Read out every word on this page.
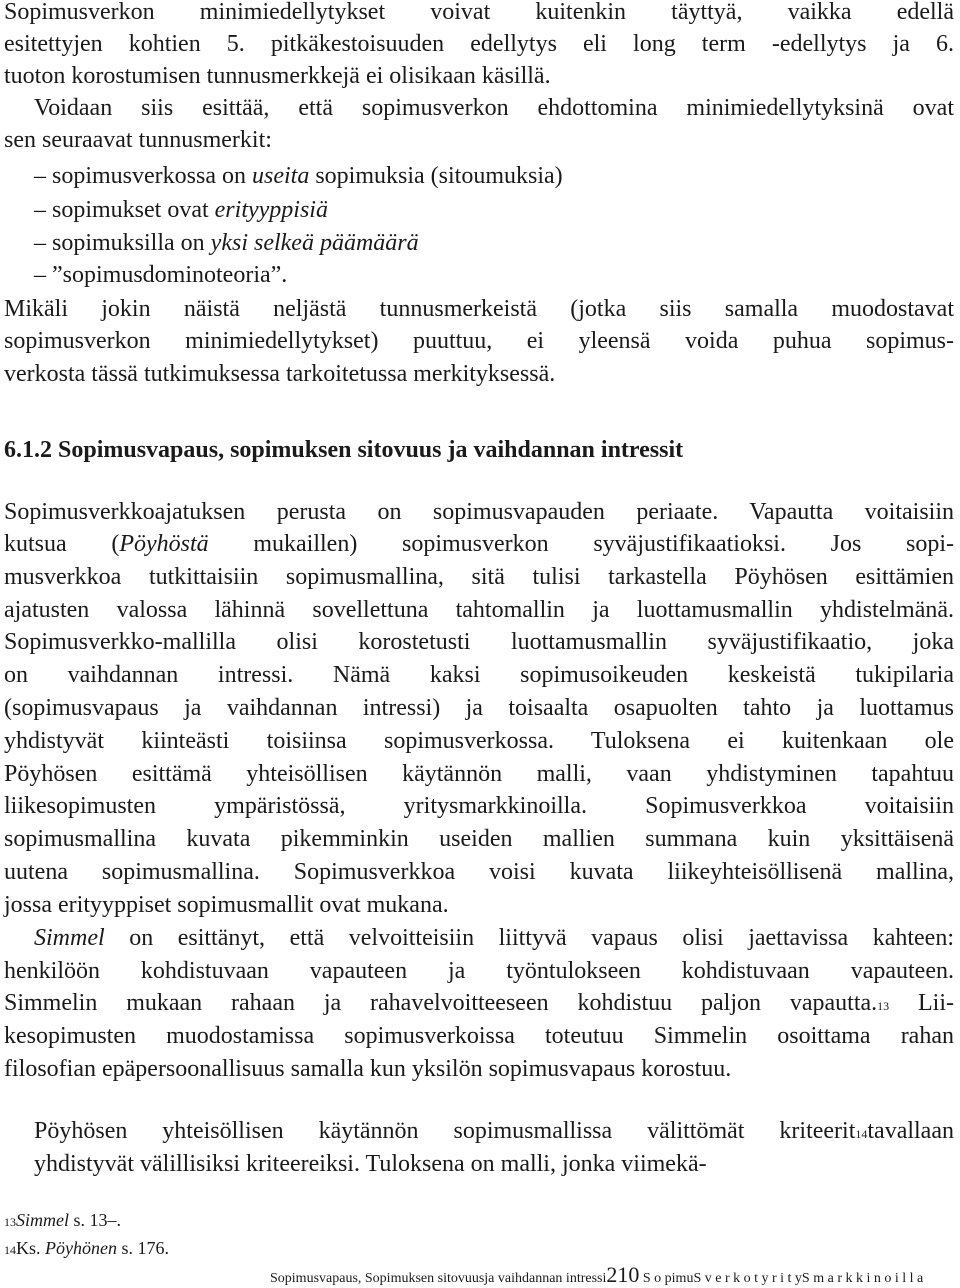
Sopimusverkon minimiedellytykset voivat kuitenkin täyttyä, vaikka edellä
esitettyjen kohtien 5. pitkäkestoisuuden edellytys eli long term -edellytys ja 6.
tuoton korostumisen tunnusmerkkejä ei olisikaan käsillä.
Voidaan siis esittää, että sopimusverkon ehdottomina minimiedellytyksinä ovat
sen seuraavat tunnusmerkit:
– sopimusverkossa on useita sopimuksia (sitoumuksia)
– sopimukset ovat erityyppisiä
– sopimuksilla on yksi selkeä päämäärä
– ”sopimusdominoteoria”.
Mikäli jokin näistä neljästä tunnusmerkeistä (jotka siis samalla muodostavat
sopimusverkon minimiedellytykset) puuttuu, ei yleensä voida puhua sopimus-
verkosta tässä tutkimuksessa tarkoitetussa merkityksessä.
6.1.2 Sopimusvapaus, sopimuksen sitovuus ja vaihdannan intressit
Sopimusverkkoajatuksen perusta on sopimusvapauden periaate. Vapautta voitaisiin
kutsua (Pöyhöstä mukaillen) sopimusverkon syväjustifikaatioksi. Jos sopi-
musverkkoa tutkittaisiin sopimusmallina, sitä tulisi tarkastella Pöyhösen esittämien
ajatusten valossa lähinnä sovellettuna tahtomallin ja luottamusmallin yhdistelmänä.
Sopimusverkko-mallilla olisi korostetusti luottamusmallin syväjustifikaatio, joka
on vaihdannan intressi. Nämä kaksi sopimusoikeuden keskeistä tukipilaria
(sopimusvapaus ja vaihdannan intressi) ja toisaalta osapuolten tahto ja luottamus
yhdistyvät kiinteästi toisiinsa sopimusverkossa. Tuloksena ei kuitenkaan ole
Pöyhösen esittämä yhteisöllisen käytännön malli, vaan yhdistyminen tapahtuu
liikesopimusten ympäristössä, yritysmarkkinoilla. Sopimusverkkoa voitaisiin
sopimusmallina kuvata pikemminkin useiden mallien summana kuin yksittäisenä
uutena sopimusmallina. Sopimusverkkoa voisi kuvata liikeyhteisöllisenä mallina,
jossa erityyppiset sopimusmallit ovat mukana.
Simmel on esittänyt, että velvoitteisiin liittyvä vapaus olisi jaettavissa kahteen:
henkilöön kohdistuvaan vapauteen ja työntulokseen kohdistuvaan vapauteen.
Simmelin mukaan rahaan ja rahavelvoitteeseen kohdistuu paljon vapautta.13 Lii-
kesopimusten muodostamissa sopimusverkoissa toteutuu Simmelin osoittama rahan
filosofian epäpersoonallisuus samalla kun yksilön sopimusvapaus korostuu.
Pöyhösen yhteisöllisen käytännön sopimusmallissa välittömät kriteerit14tavallaan
yhdistyvät välillisiksi kriteereiksi. Tuloksena on malli, jonka viimekä-
13Simmel s. 13–.
14Ks. Pöyhönen s. 176.
Sopimusvapaus, Sopimuksen sitovuusja vaihdannan intressi210 S o pimuS v e r k o t y r i t yS m a r k k i n o i l l a
